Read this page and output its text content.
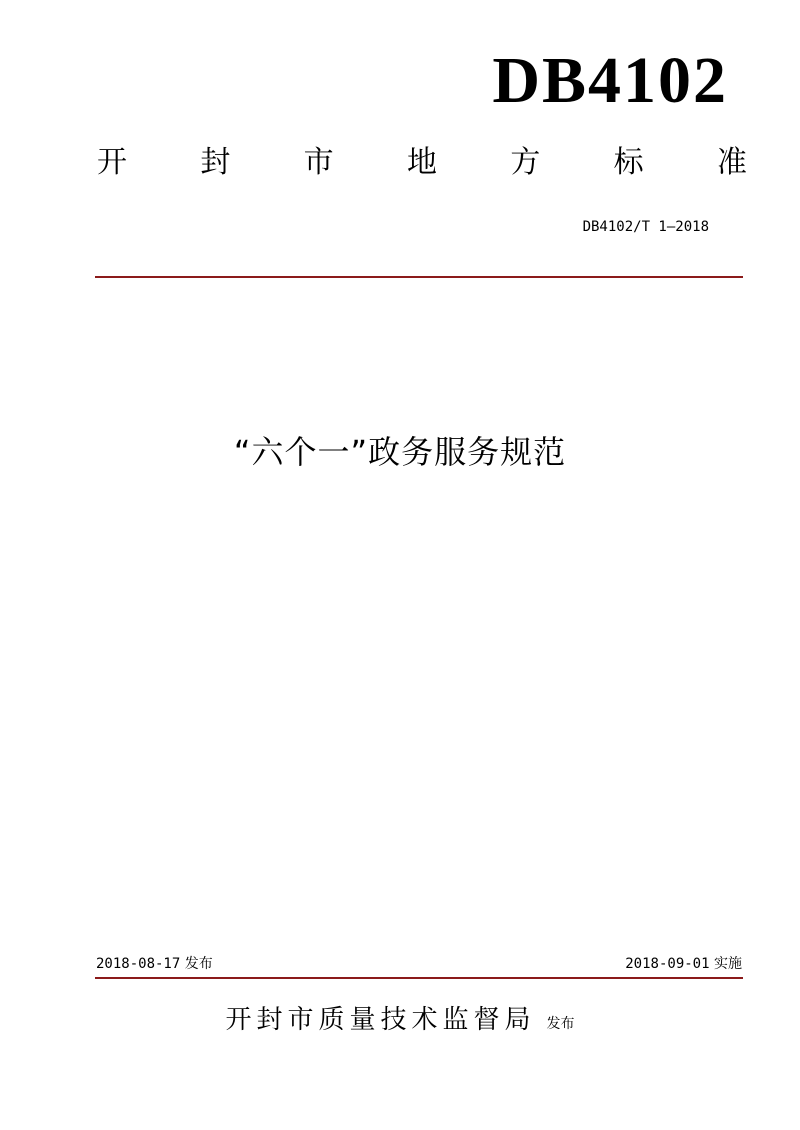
DB4102
开 封 市 地 方 标 准
DB4102/T 1—2018
“六个一”政务服务规范
2018-08-17 发布	2018-09-01 实施
开封市质量技术监督局 发布
